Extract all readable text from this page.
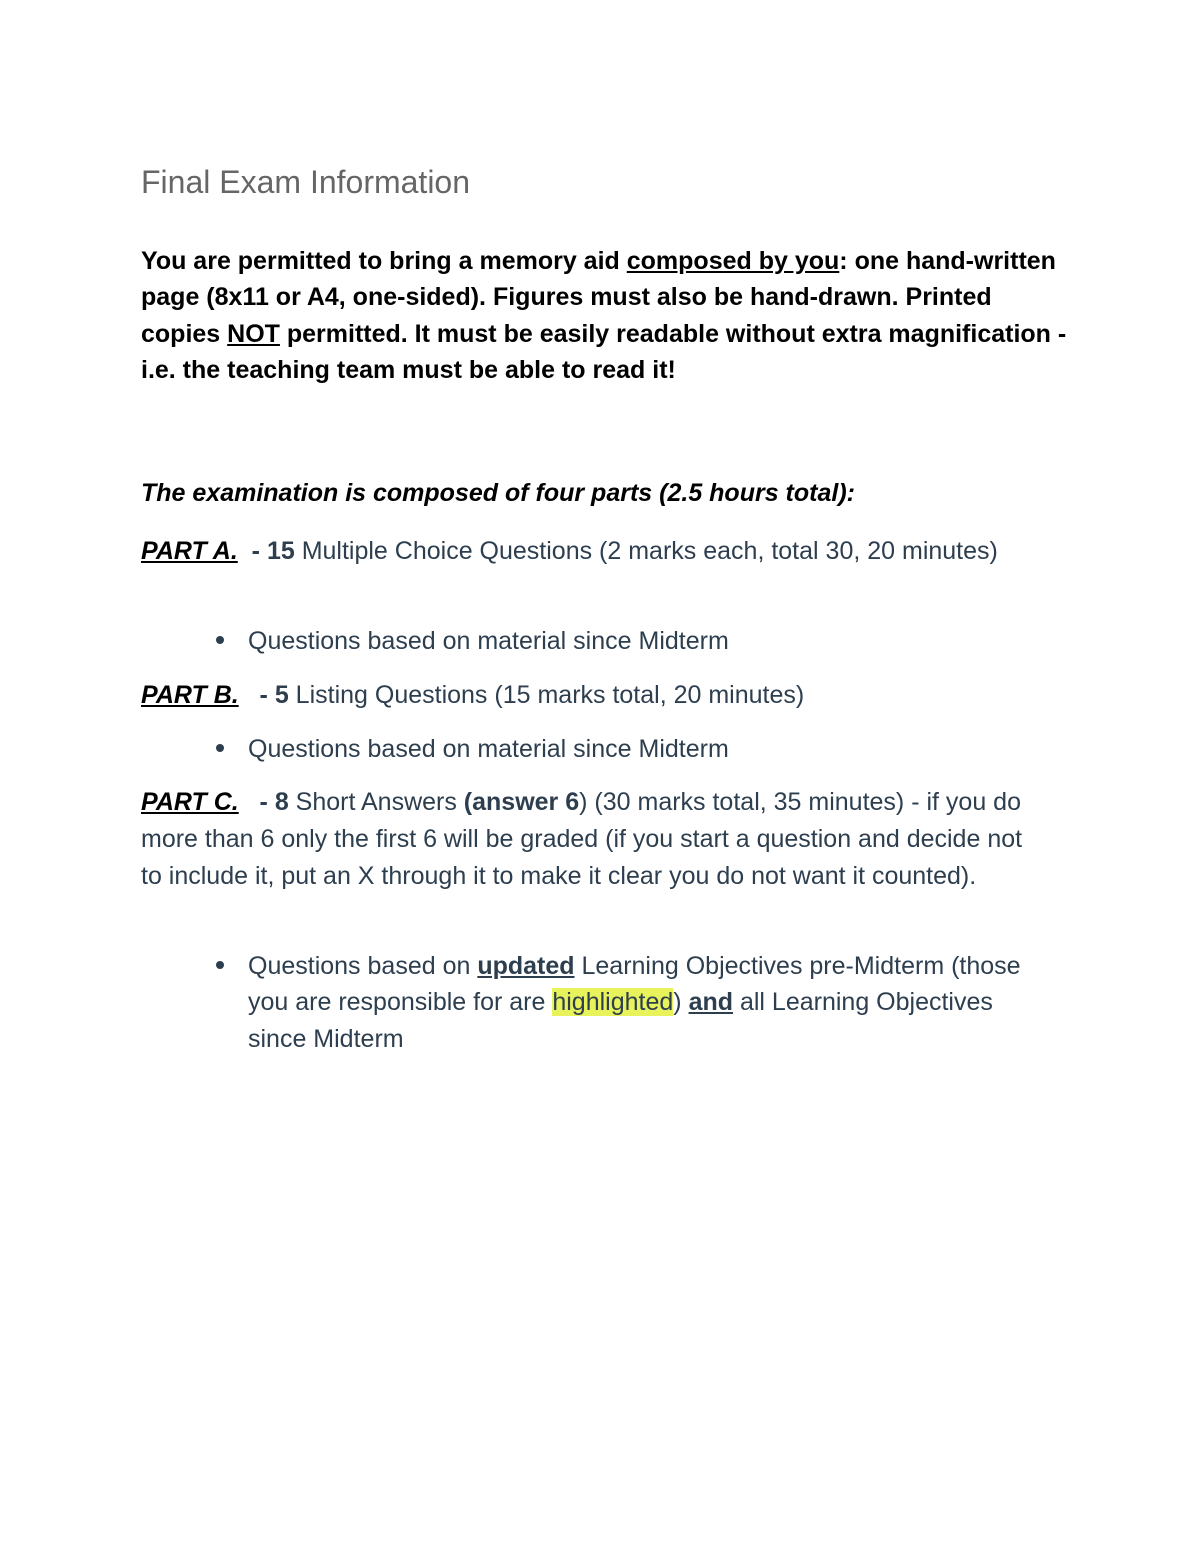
Final Exam Information
You are permitted to bring a memory aid composed by you: one hand-written page (8x11 or A4, one-sided). Figures must also be hand-drawn. Printed copies NOT permitted. It must be easily readable without extra magnification - i.e. the teaching team must be able to read it!
The examination is composed of four parts (2.5 hours total):
PART A.  - 15 Multiple Choice Questions (2 marks each, total 30, 20 minutes)
Questions based on material since Midterm
PART B.   - 5 Listing Questions (15 marks total, 20 minutes)
Questions based on material since Midterm
PART C.   - 8 Short Answers (answer 6) (30 marks total, 35 minutes) - if you do more than 6 only the first 6 will be graded (if you start a question and decide not to include it, put an X through it to make it clear you do not want it counted).
Questions based on updated Learning Objectives pre-Midterm (those you are responsible for are highlighted) and all Learning Objectives since Midterm
